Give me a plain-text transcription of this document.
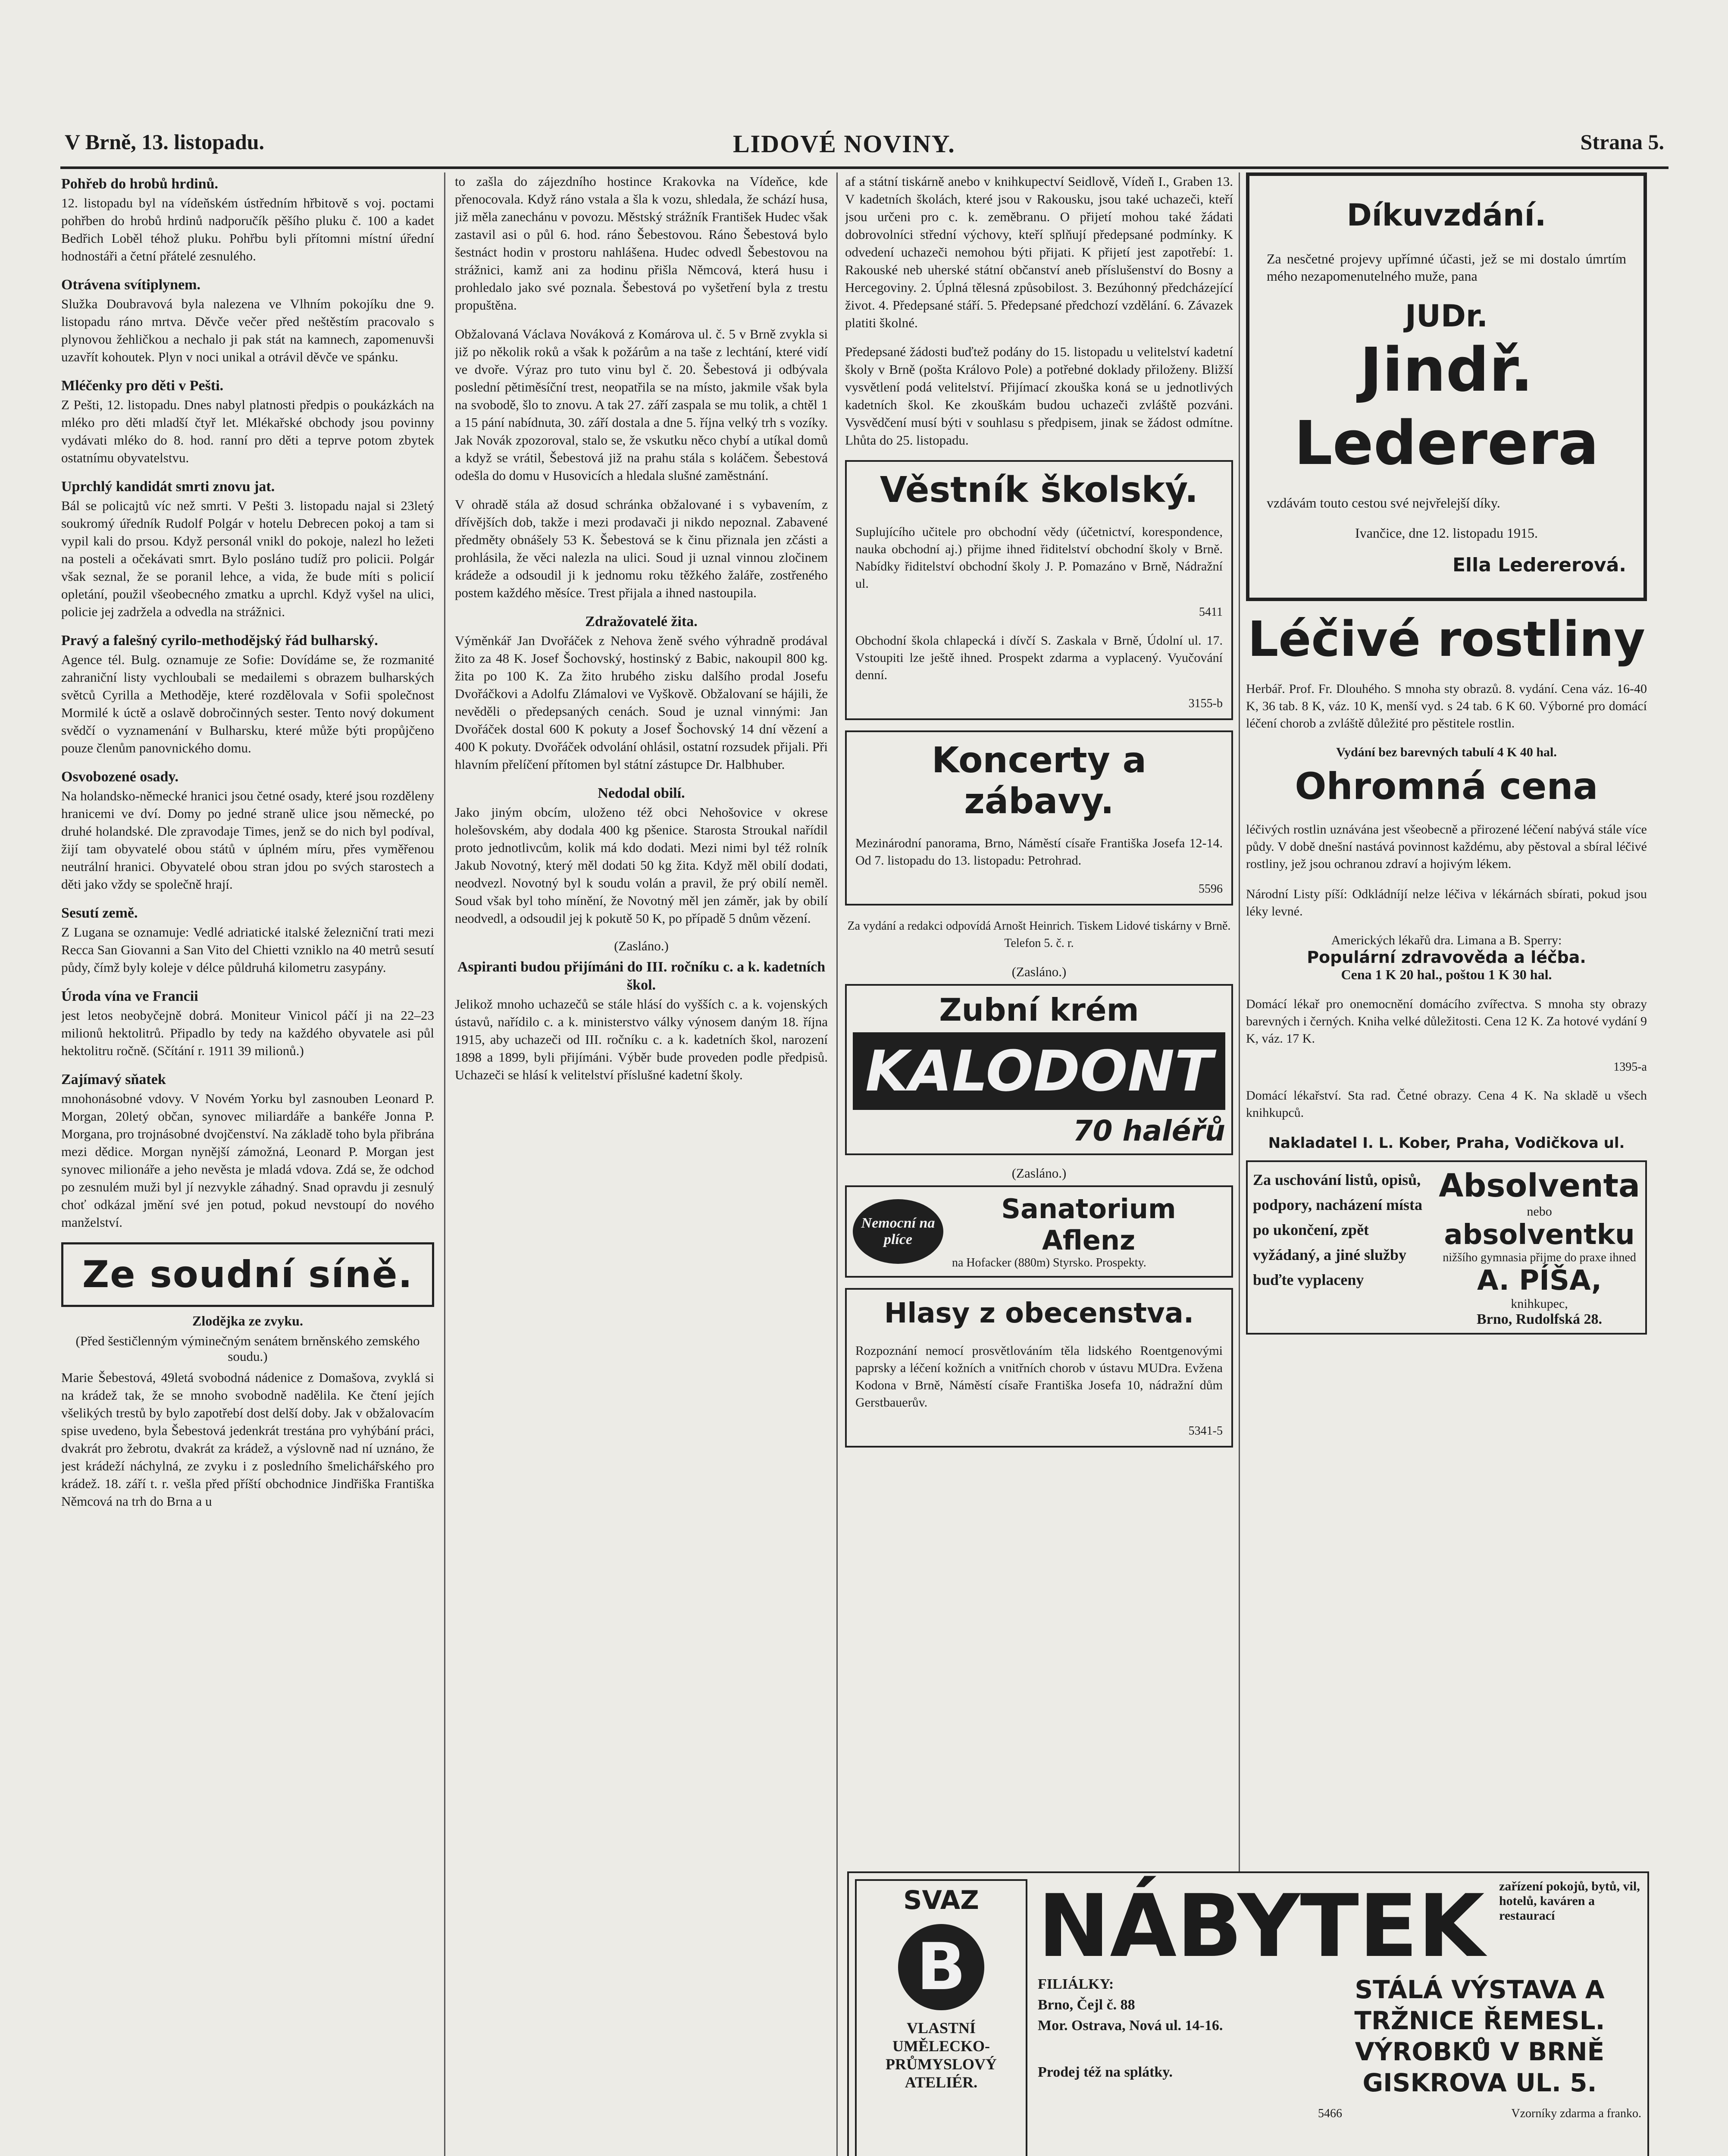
V Brně, 13. listopadu.	LIDOVÉ NOVINY.	Strana 5.
Pohřeb do hrobů hrdinů.

12. listopadu byl na vídeňském ústředním hřbitově s voj. poctami pohřben do hrobů hrdinů nadporučík pěšího pluku č. 100 a kadet Bedřich Loběl téhož pluku. Pohřbu byli přítomni místní úřední hodnostáři a četní přátelé zesnulého.

Otrávena svítiplynem.

Služka Doubravová byla nalezena ve Vlhním pokojíku dne 9. listopadu ráno mrtva. Děvče večer před neštěstím pracovalo s plynovou žehličkou a nechalo ji pak stát na kamnech, zapomenuvši uzavřít kohoutek. Plyn v noci unikal a otrávil děvče ve spánku.

Mléčenky pro děti v Pešti.

Z Pešti, 12. listopadu. Dnes nabyl platnosti předpis o poukázkách na mléko pro děti mladší čtyř let. Mlékařské obchody jsou povinny vydávati mléko do 8. hod. ranní pro děti a teprve potom zbytek ostatnímu obyvatelstvu.

Uprchlý kandidát smrti znovu jat.

Bál se policajtů víc než smrti. V Pešti 3. listopadu najal si 23letý soukromý úředník Rudolf Polgár v hotelu Debrecen pokoj a tam si vypil kali do prsou. Když personál vnikl do pokoje, nalezl ho ležeti na posteli a očekávati smrt. Bylo posláno tudíž pro policii. Polgár však seznal, že se poranil lehce, a vida, že bude míti s policií opletání, použil všeobecného zmatku a uprchl. Když vyšel na ulici, policie jej zadržela a odvedla na strážnici.

Pravý a falešný cyrilo-methodějský řád bulharský.

Agence tél. Bulg. oznamuje ze Sofie: Dovídáme se, že rozmanité zahraniční listy vychloubali se medailemi s obrazem bulharských světců Cyrilla a Methoděje, které rozdělovala v Sofii společnost Mormilé k úctě a oslavě dobročinných sester. Tento nový dokument svědčí o vyznamenání v Bulharsku, které může býti propůjčeno pouze členům panovnického domu.

Osvobozené osady.

Na holandsko-německé hranici jsou četné osady, které jsou rozděleny hranicemi ve dví. Domy po jedné straně ulice jsou německé, po druhé holandské. Dle zpravodaje Times, jenž se do nich byl podíval, žijí tam obyvatelé obou států v úplném míru, přes vyměřenou neutrální hranici. Obyvatelé obou stran jdou po svých starostech a děti jako vždy se společně hrají.

Sesutí země.

Z Lugana se oznamuje: Vedlé adriatické italské železniční trati mezi Recca San Giovanni a San Vito del Chietti vzniklo na 40 metrů sesutí půdy, čímž byly koleje v délce půldruhá kilometru zasypány.

Úroda vína ve Francii

jest letos neobyčejně dobrá. Moniteur Vinicol páčí ji na 22–23 milionů hektolitrů. Připadlo by tedy na každého obyvatele asi půl hektolitru ročně. (Sčítání r. 1911 39 milionů.)

Zajímavý sňatek

mnohonásobné vdovy. V Novém Yorku byl zasnouben Leonard P. Morgan, 20letý občan, synovec miliardáře a bankéře Jonna P. Morgana, pro trojnásobné dvojčenství. Na základě toho byla přibrána mezi dědice. Morgan nynější zámožná, Leonard P. Morgan jest synovec milionáře a jeho nevěsta je mladá vdova. Zdá se, že odchod po zesnulém muži byl jí nezvykle záhadný. Snad opravdu ji zesnulý choť odkázal jmění své jen potud, pokud nevstoupí do nového manželství.

Ze soudní síně.
Zlodějka ze zvyku.
(Před šestičlenným výminečným senátem brněnského zemského soudu.)

Marie Šebestová, 49letá svobodná nádenice z Domašova, zvyklá si na krádež tak, že se mnoho svobodně nadělila. Ke čtení jejích všelikých trestů by bylo zapotřebí dost delší doby. Jak v obžalovacím spise uvedeno, byla Šebestová jedenkrát trestána pro vyhýbání práci, dvakrát pro žebrotu, dvakrát za krádež, a výslovně nad ní uznáno, že jest krádeží náchylná, ze zvyku i z posledního šmelichářského pro krádež. 18. září t. r. vešla před příští obchodnice Jindřiška Františka Němcová na trh do Brna a u

to zašla do zájezdního hostince Krakovka na Vídeňce, kde přenocovala. Když ráno vstala a šla k vozu, shledala, že schází husa, již měla zanechánu v povozu. Městský strážník František Hudec však zastavil asi o půl 6. hod. ráno Šebestovou. Ráno Šebestová bylo šestnáct hodin v prostoru nahlášena. Hudec odvedl Šebestovou na strážnici, kamž ani za hodinu přišla Němcová, která husu i prohledalo jako své poznala. Šebestová po vyšetření byla z trestu propuštěna.

Obžalovaná Václava Nováková z Komárova ul. č. 5 v Brně zvykla si již po několik roků a však k požárům a na taše z lechtání, které vidí ve dvoře. Výraz pro tuto vinu byl č. 20. Šebestová ji odbývala poslední pětiměsíční trest, neopatřila se na místo, jakmile však byla na svobodě, šlo to znovu. A tak 27. září zaspala se mu tolik, a chtěl 1 a 15 pání nabídnuta, 30. září dostala a dne 5. října velký trh s vozíky. Jak Novák zpozoroval, stalo se, že vskutku něco chybí a utíkal domů a když se vrátil, Šebestová již na prahu stála s koláčem. Šebestová odešla do domu v Husovicích a hledala slušné zaměstnání.

V ohradě stála až dosud schránka obžalované i s vybavením, z dřívějších dob, takže i mezi prodavači ji nikdo nepoznal. Zabavené předměty obnášely 53 K. Šebestová se k činu přiznala jen zčásti a prohlásila, že věci nalezla na ulici. Soud ji uznal vinnou zločinem krádeže a odsoudil ji k jednomu roku těžkého žaláře, zostřeného postem každého měsíce. Trest přijala a ihned nastoupila.

Zdražovatelé žita.

Výměnkář Jan Dvořáček z Nehova ženě svého výhradně prodával žito za 48 K. Josef Šochovský, hostinský z Babic, nakoupil 800 kg. žita po 100 K. Za žito hrubého zisku dalšího prodal Josefu Dvořáčkovi a Adolfu Zlámalovi ve Vyškově. Obžalovaní se hájili, že nevěděli o předepsaných cenách. Soud je uznal vinnými: Jan Dvořáček dostal 600 K pokuty a Josef Šochovský 14 dní vězení a 400 K pokuty. Dvořáček odvolání ohlásil, ostatní rozsudek přijali. Při hlavním přelíčení přítomen byl státní zástupce Dr. Halbhuber.

Nedodal obilí.

Jako jiným obcím, uloženo též obci Nehošovice v okrese holešovském, aby dodala 400 kg pšenice. Starosta Stroukal nařídil proto jednotlivcům, kolik má kdo dodati. Mezi nimi byl též rolník Jakub Novotný, který měl dodati 50 kg žita. Když měl obilí dodati, neodvezl. Novotný byl k soudu volán a pravil, že prý obilí neměl. Soud však byl toho mínění, že Novotný měl jen záměr, jak by obilí neodvedl, a odsoudil jej k pokutě 50 K, po případě 5 dnům vězení.

(Zasláno.)
Aspiranti budou přijímáni do III. ročníku c. a k. kadetních škol.

Jelikož mnoho uchazečů se stále hlásí do vyšších c. a k. vojenských ústavů, nařídilo c. a k. ministerstvo války výnosem daným 18. října 1915, aby uchazeči od III. ročníku c. a k. kadetních škol, narození 1898 a 1899, byli přijímáni. Výběr bude proveden podle předpisů. Uchazeči se hlásí k velitelství příslušné kadetní školy.

af a státní tiskárně anebo v knihkupectví Seidlově, Vídeň I., Graben 13. V kadetních školách, které jsou v Rakousku, jsou také uchazeči, kteří jsou určeni pro c. k. zeměbranu. O přijetí mohou také žádati dobrovolníci střední výchovy, kteří splňují předepsané podmínky. K odvedení uchazeči nemohou býti přijati. K přijetí jest zapotřebí: 1. Rakouské neb uherské státní občanství aneb příslušenství do Bosny a Hercegoviny. 2. Úplná tělesná způsobilost. 3. Bezúhonný předcházející život. 4. Předepsané stáří. 5. Předepsané předchozí vzdělání. 6. Závazek platiti školné.

Předepsané žádosti buďtež podány do 15. listopadu u velitelství kadetní školy v Brně (pošta Královo Pole) a potřebné doklady přiloženy. Bližší vysvětlení podá velitelství. Přijímací zkouška koná se u jednotlivých kadetních škol. Ke zkouškám budou uchazeči zvláště pozváni. Vysvědčení musí býti v souhlasu s předpisem, jinak se žádost odmítne. Lhůta do 25. listopadu.

Věstník školský.

Suplujícího učitele pro obchodní vědy (účetnictví, korespondence, nauka obchodní aj.) přijme ihned řiditelství obchodní školy v Brně. Nabídky řiditelství obchodní školy J. P. Pomazáno v Brně, Nádražní ul.

5411

Obchodní škola chlapecká i dívčí S. Zaskala v Brně, Údolní ul. 17. Vstoupiti lze ještě ihned. Prospekt zdarma a vyplacený. Vyučování denní.

3155-b
Koncerty a zábavy.

Mezinárodní panorama, Brno, Náměstí císaře Františka Josefa 12-14. Od 7. listopadu do 13. listopadu: Petrohrad.

5596

Za vydání a redakci odpovídá Arnošt Heinrich. Tiskem Lidové tiskárny v Brně. Telefon 5. č. r.

(Zasláno.)
Zubní krém
KALODONT
70 haléřů
(Zasláno.)
Nemocní na plíce
Sanatorium Aflenz
na Hofacker (880m) Styrsko. Prospekty.
Hlasy z obecenstva.

Rozpoznání nemocí prosvětlováním těla lidského Roentgenovými paprsky a léčení kožních a vnitřních chorob v ústavu MUDra. Evžena Kodona v Brně, Náměstí císaře Františka Josefa 10, nádražní dům Gerstbauerův.

5341-5
Díkuvzdání.

Za nesčetné projevy upřímné účasti, jež se mi dostalo úmrtím mého nezapomenutelného muže, pana

JUDr.
Jindř. Lederera

vzdávám touto cestou své nejvřelejší díky.

Ivančice, dne 12. listopadu 1915.
Ella Ledererová.
Léčivé rostliny

Herbář. Prof. Fr. Dlouhého. S mnoha sty obrazů. 8. vydání. Cena váz. 16-40 K, 36 tab. 8 K, váz. 10 K, menší vyd. s 24 tab. 6 K 60. Výborné pro domácí léčení chorob a zvláště důležité pro pěstitele rostlin.

Vydání bez barevných tabulí 4 K 40 hal.
Ohromná cena

léčivých rostlin uznávána jest všeobecně a přirozené léčení nabývá stále více půdy. V době dnešní nastává povinnost každému, aby pěstoval a sbíral léčivé rostliny, jež jsou ochranou zdraví a hojivým lékem.

Národní Listy píší: Odkládníjí nelze léčiva v lékárnách sbírati, pokud jsou léky levné.

Amerických lékařů dra. Limana a B. Sperry:
Populární zdravověda a léčba.
Cena 1 K 20 hal., poštou 1 K 30 hal.

Domácí lékař pro onemocnění domácího zvířectva. S mnoha sty obrazy barevných i černých. Kniha velké důležitosti. Cena 12 K. Za hotové vydání 9 K, váz. 17 K.

1395-a

Domácí lékařství. Sta rad. Četné obrazy. Cena 4 K. Na skladě u všech knihkupců.

Nakladatel I. L. Kober, Praha, Vodičkova ul.
Za uschování listů, opisů, podpory, nacházení místa po ukončení, zpět vyžádaný, a jiné služby buďte vyplaceny
Absolventa
nebo
absolventku
nižšího gymnasia přijme do praxe ihned
A. PÍŠA,
knihkupec,
Brno, Rudolfská 28.
SVAZ
B
VLASTNÍ UMĚLECKO-PRŮMYSLOVÝ ATELIÉR.
NÁBYTEK zařízení pokojů, bytů, vil, hotelů, kaváren a restaurací
FILIÁLKY:
Brno, Čejl č. 88
Mor. Ostrava, Nová ul. 14-16.
Prodej též na splátky.
STÁLÁ VÝSTAVA A TRŽNICE ŘEMESL. VÝROBKŮ V BRNĚ GISKROVA UL. 5.
5466	Vzorníky zdarma a franko.
